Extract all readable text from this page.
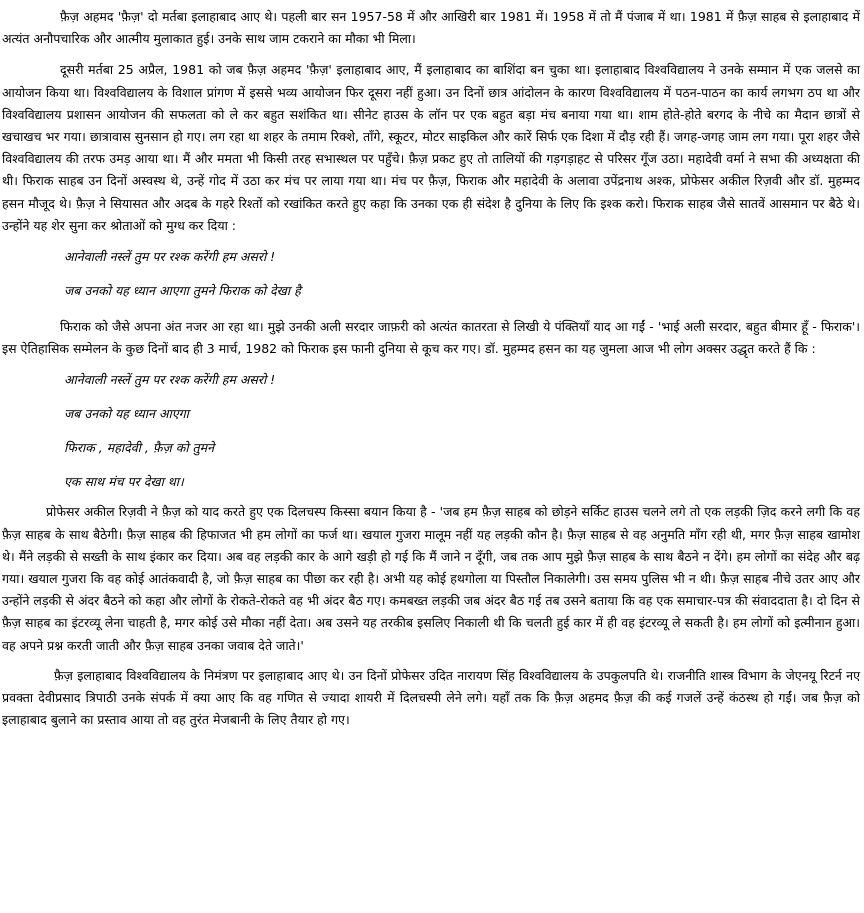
फ़ैज़ अहमद 'फ़ैज़' दो मर्तबा इलाहाबाद आए थे। पहली बार सन 1957-58 में और आखिरी बार 1981 में। 1958 में तो मैं पंजाब में था। 1981 में फ़ैज़ साहब से इलाहाबाद में अत्यंत अनौपचारिक और आत्मीय मुलाकात हुई। उनके साथ जाम टकराने का मौका भी मिला।

दूसरी मर्तबा 25 अप्रैल, 1981 को जब फ़ैज़ अहमद 'फ़ैज़' इलाहाबाद आए, मैं इलाहाबाद का बाशिंदा बन चुका था। इलाहाबाद विश्वविद्यालय ने उनके सम्मान में एक जलसे का आयोजन किया था। विश्वविद्यालय के विशाल प्रांगण में इससे भव्य आयोजन फिर दूसरा नहीं हुआ। उन दिनों छात्र आंदोलन के कारण विश्वविद्यालय में पठन-पाठन का कार्य लगभग ठप था और विश्वविद्यालय प्रशासन आयोजन की सफलता को ले कर बहुत सशंकित था। सीनेट हाउस के लॉन पर एक बहुत बड़ा मंच बनाया गया था। शाम होते-होते बरगद के नीचे का मैदान छात्रों से खचाखच भर गया। छात्रावास सुनसान हो गए। लग रहा था शहर के तमाम रिक्शे, ताँगे, स्कूटर, मोटर साइकिल और कारें सिर्फ एक दिशा में दौड़ रही हैं। जगह-जगह जाम लग गया। पूरा शहर जैसे विश्वविद्यालय की तरफ उमड़ आया था। मैं और ममता भी किसी तरह सभास्थल पर पहुँचे। फ़ैज़ प्रकट हुए तो तालियों की गड़गड़ाहट से परिसर गूँज उठा। महादेवी वर्मा ने सभा की अध्यक्षता की थी। फिराक साहब उन दिनों अस्वस्थ थे, उन्हें गोद में उठा कर मंच पर लाया गया था। मंच पर फ़ैज़, फिराक और महादेवी के अलावा उपेंद्रनाथ अश्क, प्रोफेसर अकील रिज़वी और डॉ. मुहम्मद हसन मौजूद थे। फ़ैज़ ने सियासत और अदब के गहरे रिश्तों को रखांकित करते हुए कहा कि उनका एक ही संदेश है दुनिया के लिए कि इश्क करो। फिराक साहब जैसे सातवें आसमान पर बैठे थे। उन्होंने यह शेर सुना कर श्रोताओं को मुग्ध कर दिया :

आनेवाली नस्लें तुम पर रश्क करेंगी हम असरो !

जब उनको यह ध्यान आएगा तुमने फिराक को देखा है

फिराक को जैसे अपना अंत नजर आ रहा था। मुझे उनकी अली सरदार जाफ़री को अत्यंत कातरता से लिखी ये पंक्तियाँ याद आ गईं - 'भाई अली सरदार, बहुत बीमार हूँ - फिराक'। इस ऐतिहासिक सम्मेलन के कुछ दिनों बाद ही 3 मार्च, 1982 को फिराक इस फानी दुनिया से कूच कर गए। डॉ. मुहम्मद हसन का यह जुमला आज भी लोग अक्सर उद्धृत करते हैं कि :

आनेवाली नस्लें तुम पर रश्क करेंगी हम असरो !

जब उनको यह ध्यान आएगा

फिराक , महादेवी , फ़ैज़ को तुमने

एक साथ मंच पर देखा था।

प्रोफेसर अकील रिज़वी ने फ़ैज़ को याद करते हुए एक दिलचस्प किस्सा बयान किया है - 'जब हम फ़ैज़ साहब को छोड़ने सर्किट हाउस चलने लगे तो एक लड़की ज़िद करने लगी कि वह फ़ैज़ साहब के साथ बैठेगी। फ़ैज़ साहब की हिफाजत भी हम लोगों का फर्ज था। खयाल गुजरा मालूम नहीं यह लड़की कौन है। फ़ैज़ साहब से वह अनुमति माँग रही थी, मगर फ़ैज़ साहब खामोश थे। मैंने लड़की से सख्ती के साथ इंकार कर दिया। अब वह लड़की कार के आगे खड़ी हो गई कि मैं जाने न दूँगी, जब तक आप मुझे फ़ैज़ साहब के साथ बैठने न देंगे। हम लोगों का संदेह और बढ़ गया। खयाल गुजरा कि वह कोई आतंकवादी है, जो फ़ैज़ साहब का पीछा कर रही है। अभी यह कोई हथगोला या पिस्तौल निकालेगी। उस समय पुलिस भी न थी। फ़ैज़ साहब नीचे उतर आए और उन्होंने लड़की से अंदर बैठने को कहा और लोगों के रोकते-रोकते वह भी अंदर बैठ गए। कमबख्त लड़की जब अंदर बैठ गई तब उसने बताया कि वह एक समाचार-पत्र की संवाददाता है। दो दिन से फ़ैज़ साहब का इंटरव्यू लेना चाहती है, मगर कोई उसे मौका नहीं देता। अब उसने यह तरकीब इसलिए निकाली थी कि चलती हुई कार में ही वह इंटरव्यू ले सकती है। हम लोगों को इत्मीनान हुआ। वह अपने प्रश्न करती जाती और फ़ैज़ साहब उनका जवाब देते जाते।'

फ़ैज़ इलाहाबाद विश्वविद्यालय के निमंत्रण पर इलाहाबाद आए थे। उन दिनों प्रोफेसर उदित नारायण सिंह विश्वविद्यालय के उपकुलपति थे। राजनीति शास्त्र विभाग के जेएनयू रिटर्न नए प्रवक्ता देवीप्रसाद त्रिपाठी उनके संपर्क में क्या आए कि वह गणित से ज्यादा शायरी में दिलचस्पी लेने लगे। यहाँ तक कि फ़ैज़ अहमद फ़ैज़ की कई गजलें उन्हें कंठस्थ हो गईं। जब फ़ैज़ को इलाहाबाद बुलाने का प्रस्ताव आया तो वह तुरंत मेजबानी के लिए तैयार हो गए।
